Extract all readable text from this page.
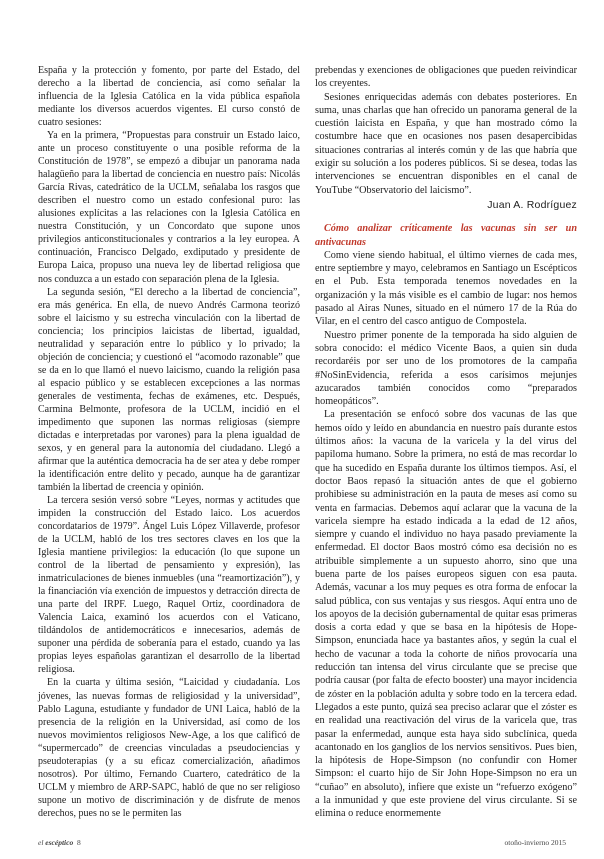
España y la protección y fomento, por parte del Estado, del derecho a la libertad de conciencia, así como señalar la influencia de la Iglesia Católica en la vida pública española mediante los diversos acuerdos vigentes. El curso constó de cuatro sesiones:

Ya en la primera, “Propuestas para construir un Estado laico, ante un proceso constituyente o una posible reforma de la Constitución de 1978”, se empezó a dibujar un panorama nada halagüeño para la libertad de conciencia en nuestro país: Nicolás García Rivas, catedrático de la UCLM, señalaba los rasgos que describen el nuestro como un estado confesional puro: las alusiones explícitas a las relaciones con la Iglesia Católica en nuestra Constitución, y un Concordato que supone unos privilegios anticonstitucionales y contrarios a la ley europea. A continuación, Francisco Delgado, exdiputado y presidente de Europa Laica, propuso una nueva ley de libertad religiosa que nos conduzca a un estado con separación plena de la Iglesia.

La segunda sesión, “El derecho a la libertad de conciencia”, era más genérica. En ella, de nuevo Andrés Carmona teorizó sobre el laicismo y su estrecha vinculación con la libertad de conciencia; los principios laicistas de libertad, igualdad, neutralidad y separación entre lo público y lo privado; la objeción de conciencia; y cuestionó el “acomodo razonable” que se da en lo que llamó el nuevo laicismo, cuando la religión pasa al espacio público y se establecen excepciones a las normas generales de vestimenta, fechas de exámenes, etc. Después, Carmina Belmonte, profesora de la UCLM, incidió en el impedimento que suponen las normas religiosas (siempre dictadas e interpretadas por varones) para la plena igualdad de sexos, y en general para la autonomía del ciudadano. Llegó a afirmar que la auténtica democracia ha de ser atea y debe romper la identificación entre delito y pecado, aunque ha de garantizar también la libertad de creencia y opinión.

La tercera sesión versó sobre “Leyes, normas y actitudes que impiden la construcción del Estado laico. Los acuerdos concordatarios de 1979”. Ángel Luis López Villaverde, profesor de la UCLM, habló de los tres sectores claves en los que la Iglesia mantiene privilegios: la educación (lo que supone un control de la libertad de pensamiento y expresión), las inmatriculaciones de bienes inmuebles (una “reamortización”), y la financiación vía exención de impuestos y detracción directa de una parte del IRPF. Luego, Raquel Ortiz, coordinadora de Valencia Laica, examinó los acuerdos con el Vaticano, tildándolos de antidemocráticos e innecesarios, además de suponer una pérdida de soberanía para el estado, cuando ya las propias leyes españolas garantizan el desarrollo de la libertad religiosa.

En la cuarta y última sesión, “Laicidad y ciudadanía. Los jóvenes, las nuevas formas de religiosidad y la universidad”, Pablo Laguna, estudiante y fundador de UNI Laica, habló de la presencia de la religión en la Universidad, así como de los nuevos movimientos religiosos New-Age, a los que calificó de “supermercado” de creencias vinculadas a pseudociencias y pseudoterapias (y a su eficaz comercialización, añadimos nosotros). Por último, Fernando Cuartero, catedrático de la UCLM y miembro de ARP-SAPC, habló de que no ser religioso supone un motivo de discriminación y de disfrute de menos derechos, pues no se le permiten las

prebendas y exenciones de obligaciones que pueden reivindicar los creyentes.

Sesiones enriquecidas además con debates posteriores. En suma, unas charlas que han ofrecido un panorama general de la cuestión laicista en España, y que han mostrado cómo la costumbre hace que en ocasiones nos pasen desapercibidas situaciones contrarias al interés común y de las que habría que exigir su solución a los poderes públicos. Si se desea, todas las intervenciones se encuentran disponibles en el canal de YouTube “Observatorio del laicismo”.

Juan A. Rodríguez

Cómo analizar críticamente las vacunas sin ser un antivacunas

Como viene siendo habitual, el último viernes de cada mes, entre septiembre y mayo, celebramos en Santiago un Escépticos en el Pub. Esta temporada tenemos novedades en la organización y la más visible es el cambio de lugar: nos hemos pasado al Airas Nunes, situado en el número 17 de la Rúa do Vilar, en el centro del casco antiguo de Compostela.

Nuestro primer ponente de la temporada ha sido alguien de sobra conocido: el médico Vicente Baos, a quien sin duda recordaréis por ser uno de los promotores de la campaña #NoSinEvidencia, referida a esos carísimos mejunjes azucarados también conocidos como “preparados homeopáticos”.

La presentación se enfocó sobre dos vacunas de las que hemos oído y leído en abundancia en nuestro país durante estos últimos años: la vacuna de la varicela y la del virus del papiloma humano. Sobre la primera, no está de mas recordar lo que ha sucedido en España durante los últimos tiempos. Así, el doctor Baos repasó la situación antes de que el gobierno prohibiese su administración en la pauta de meses así como su venta en farmacias. Debemos aquí aclarar que la vacuna de la varicela siempre ha estado indicada a la edad de 12 años, siempre y cuando el individuo no haya pasado previamente la enfermedad. El doctor Baos mostró cómo esa decisión no es atribuible simplemente a un supuesto ahorro, sino que una buena parte de los países europeos siguen con esa pauta. Además, vacunar a los muy peques es otra forma de enfocar la salud pública, con sus ventajas y sus riesgos. Aquí entra uno de los apoyos de la decisión gubernamental de quitar esas primeras dosis a corta edad y que se basa en la hipótesis de Hope-Simpson, enunciada hace ya bastantes años, y según la cual el hecho de vacunar a toda la cohorte de niños provocaría una reducción tan intensa del virus circulante que se precise que podría causar (por falta de efecto booster) una mayor incidencia de zóster en la población adulta y sobre todo en la tercera edad. Llegados a este punto, quizá sea preciso aclarar que el zóster es en realidad una reactivación del virus de la varicela que, tras pasar la enfermedad, aunque esta haya sido subclínica, queda acantonado en los ganglios de los nervios sensitivos. Pues bien, la hipótesis de Hope-Simpson (no confundir con Homer Simpson: el cuarto hijo de Sir John Hope-Simpson no era un “cuñao” en absoluto), infiere que existe un “refuerzo exógeno” a la inmunidad y que este proviene del virus circulante. Si se elimina o reduce enormemente

el escéptico 8	otoño-invierno 2015
